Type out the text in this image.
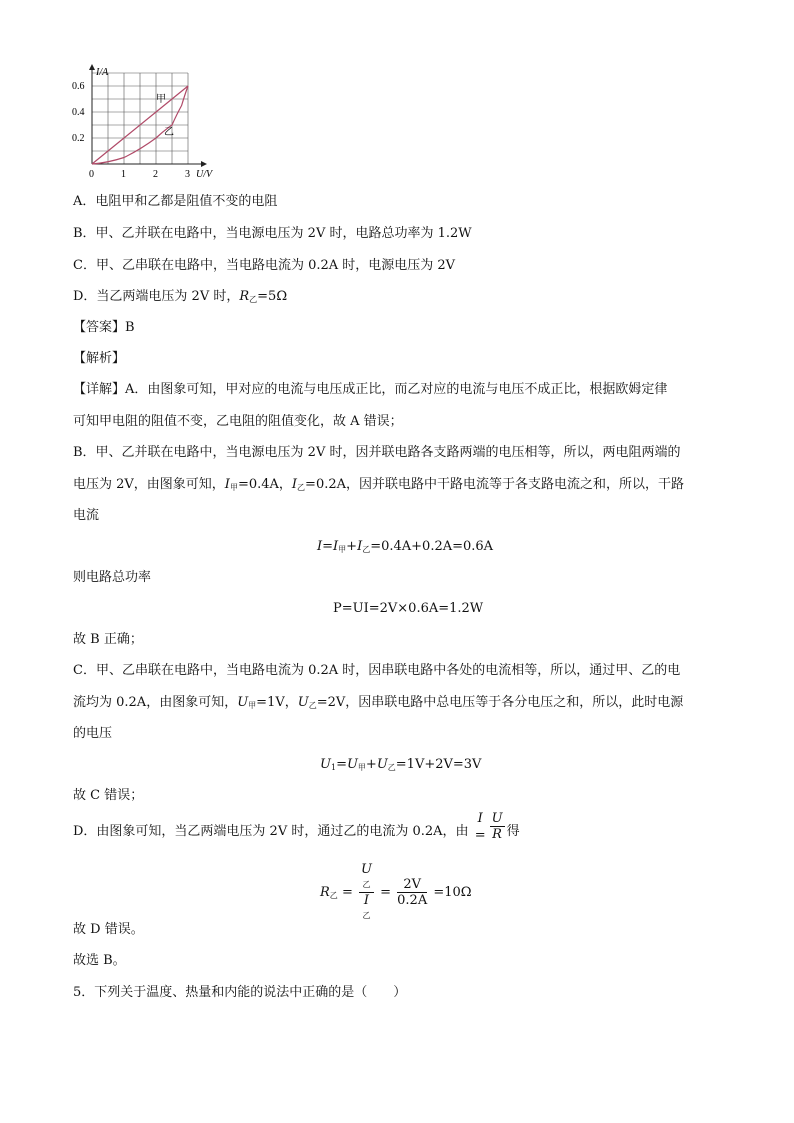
0	1	2	3
0.2
0.4
0.6
甲
乙
I/A
U/V
A．电阻甲和乙都是阻值不变的电阻
B．甲、乙并联在电路中，当电源电压为 2V 时，电路总功率为 1.2W
C．甲、乙串联在电路中，当电路电流为 0.2A 时，电源电压为 2V
D．当乙两端电压为 2V 时，$R_乙=5\Omega$
【答案】B
【解析】
【详解】A．由图象可知，甲对应的电流与电压成正比，而乙对应的电流与电压不成正比，根据欧姆定律
可知甲电阻的阻值不变，乙电阻的阻值变化，故 A 错误；
B．甲、乙并联在电路中，当电源电压为 2V 时，因并联电路各支路两端的电压相等，所以，两电阻两端的
电压为 2V，由图象可知，$I_甲=0.4A$，$I_乙=0.2A$，因并联电路中干路电流等于各支路电流之和，所以，干路
电流
$I=I_甲+I_乙=0.4A+0.2A=0.6A$
则电路总功率
P=UI=2V×0.6A=1.2W
故 B 正确；
C．甲、乙串联在电路中，当电路电流为 0.2A 时，因串联电路中各处的电流相等，所以，通过甲、乙的电
流均为 0.2A，由图象可知，$U_甲=1V$，$U_乙=2V$，因串联电路中总电压等于各分电压之和，所以，此时电源
的电压
$U_1=U_甲+U_乙=1V+2V=3V$
故 C 错误；
D．由图象可知，当乙两端电压为 2V 时，通过乙的电流为 0.2A，由 I
= $\frac{U}{R}$ 得
$R_乙 = U$
乙
I
乙 = $\frac{2V}{0.2A} =10\Omega$
故 D 错误。
故选 B。
5．下列关于温度、热量和内能的说法中正确的是（　　）
